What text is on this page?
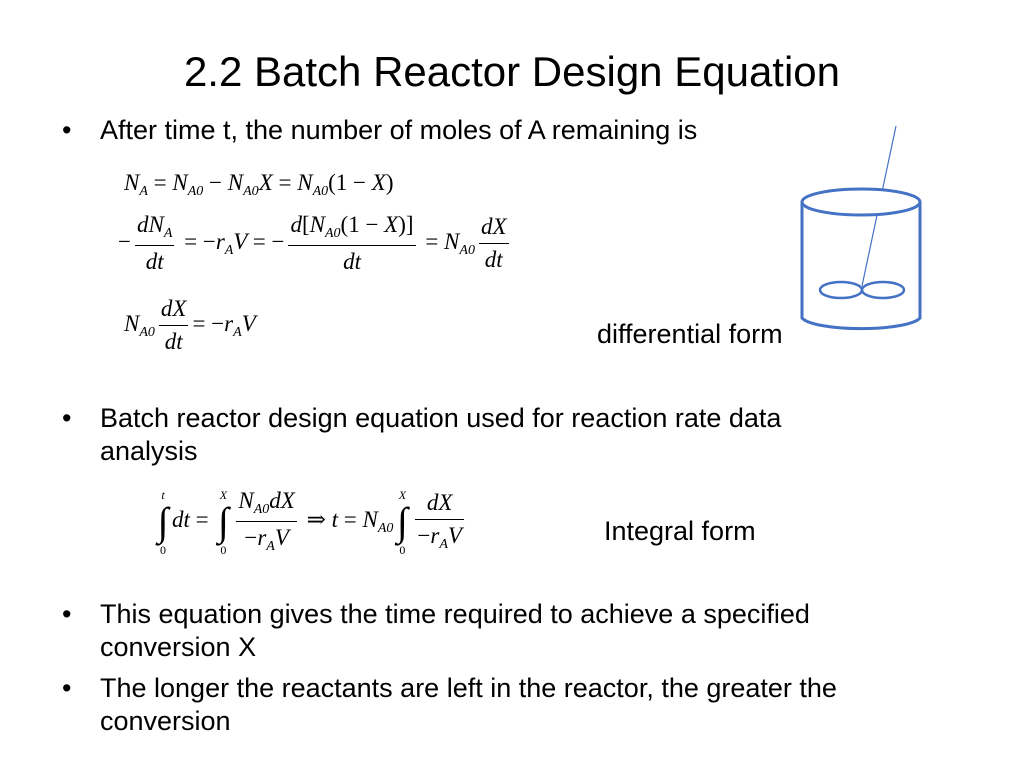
2.2 Batch Reactor Design Equation
• After time t, the number of moles of A remaining is
$N_A = N_{A0} - N_{A0}X = N_{A0}(1 - X)$
− $\frac{dN_A}{dt} = -r_AV$ = − $\frac{d[N_{A0}(1 - X)]}{dt} = N_{A0} \frac{dX}{dt}$
$N_{A0} \frac{dX}{dt} = -r_AV$	differential form
• Batch reactor design equation used for reaction rate data
analysis
t
∫
0
dt =
X
∫
$0 \frac{N_{A0}dX}{-r_AV}$ ⇒ $t = N_{A0}$
X
∫
$0 \frac{dX}{-r_AV}$	Integral form
• This equation gives the time required to achieve a specified
conversion X
• The longer the reactants are left in the reactor, the greater the
conversion
